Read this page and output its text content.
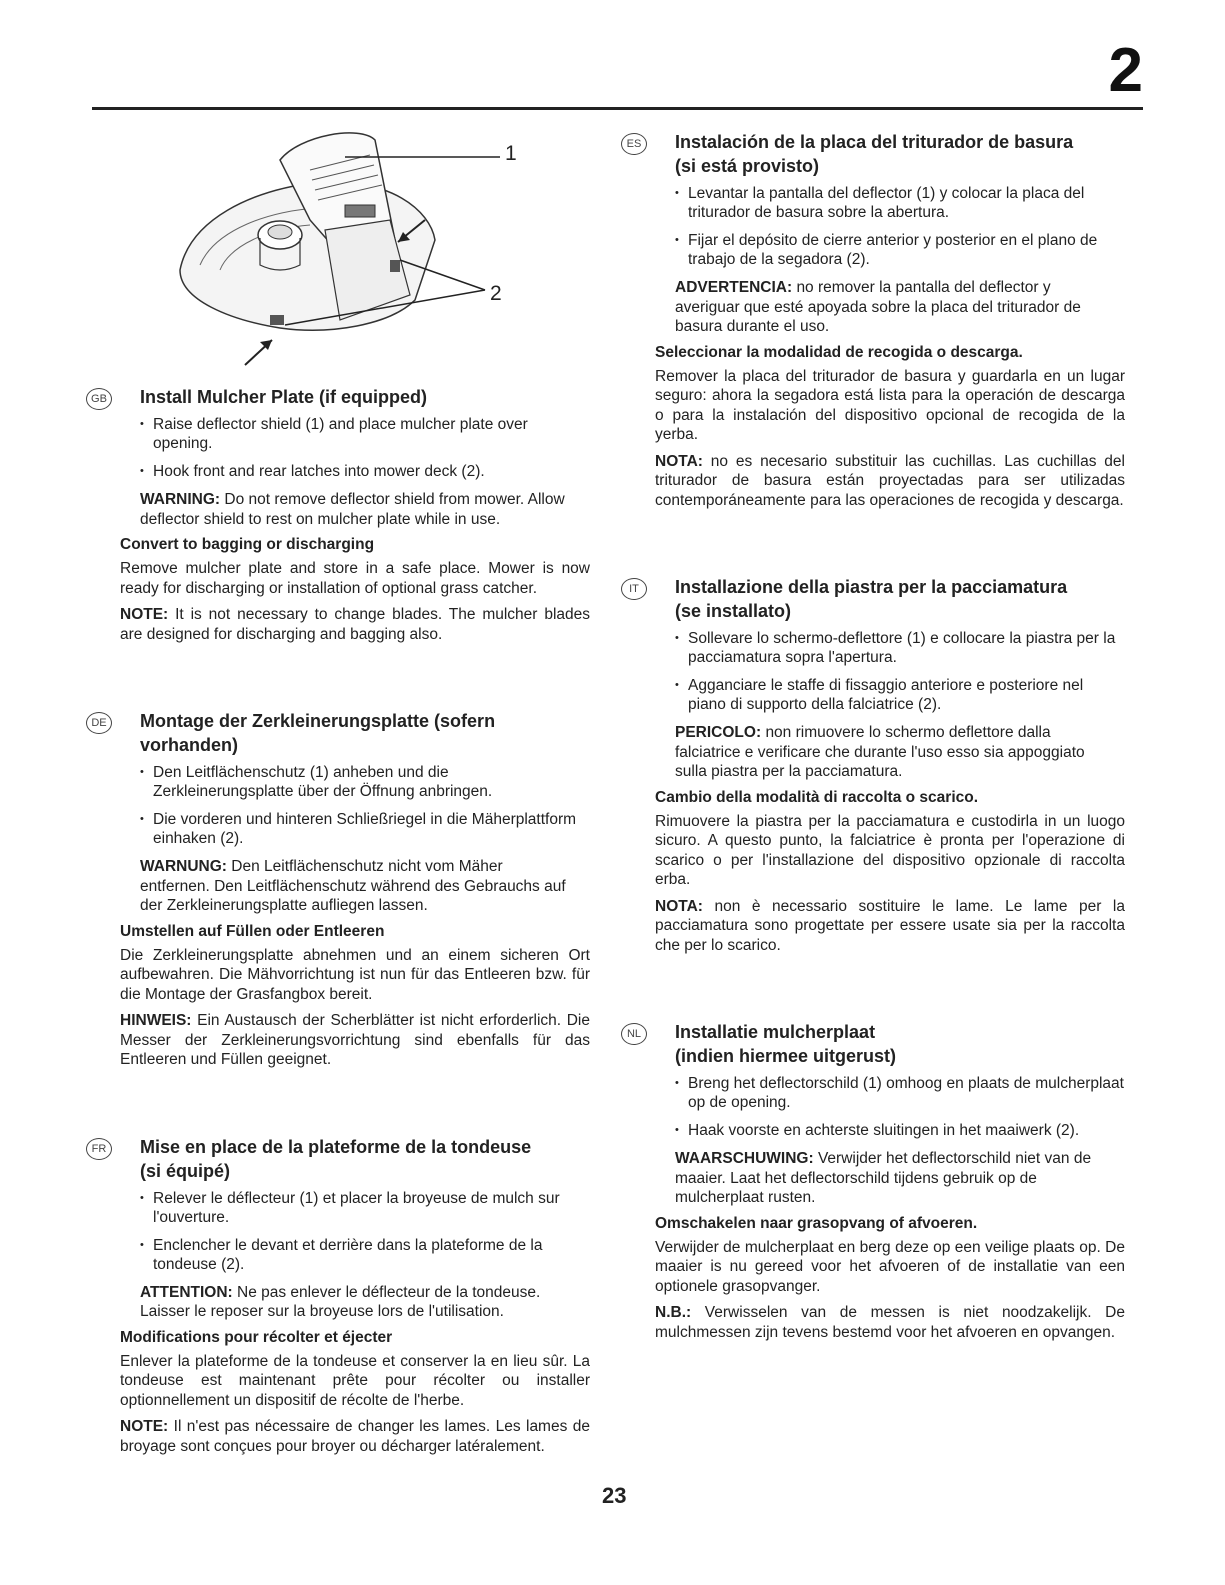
2
1
2
GB Install Mulcher Plate (if equipped)
• Raise deflector shield (1) and place mulcher plate over opening.
• Hook front and rear latches into mower deck (2).
WARNING: Do not remove deflector shield from mower. Allow deflector shield to rest on mulcher plate while in use.
Convert to bagging or discharging
Remove mulcher plate and store in a safe place. Mower is now ready for discharging or installation of optional grass catcher.
NOTE: It is not necessary to change blades. The mulcher blades are designed for discharging and bagging also.
DE Montage der Zerkleinerungsplatte (sofern
vorhanden)
• Den Leitflächenschutz (1) anheben und die Zerkleinerungsplatte über der Öffnung anbringen.
• Die vorderen und hinteren Schließriegel in die Mäherplattform einhaken (2).
WARNUNG: Den Leitflächenschutz nicht vom Mäher entfernen. Den Leitflächenschutz während des Gebrauchs auf der Zerkleinerungsplatte aufliegen lassen.
Umstellen auf Füllen oder Entleeren
Die Zerkleinerungsplatte abnehmen und an einem sicheren Ort aufbewahren. Die Mähvorrichtung ist nun für das Entleeren bzw. für die Montage der Grasfangbox bereit.
HINWEIS: Ein Austausch der Scherblätter ist nicht erforderlich. Die Messer der Zerkleinerungsvorrichtung sind ebenfalls für das Entleeren und Füllen geeignet.
FR	Mise en place de la plateforme de la tondeuse
(si équipé)
• Relever le déflecteur (1) et placer la broyeuse de mulch sur l'ouverture.
• Enclencher le devant et derrière dans la plateforme de la tondeuse (2).
ATTENTION: Ne pas enlever le déflecteur de la tondeuse. Laisser le reposer sur la broyeuse lors de l'utilisation.
Modifications pour récolter et éjecter
Enlever la plateforme de la tondeuse et conserver la en lieu sûr. La tondeuse est maintenant prête pour récolter ou installer optionnellement un dispositif de récolte de l'herbe.
NOTE: Il n'est pas nécessaire de changer les lames. Les lames de broyage sont conçues pour broyer ou décharger latéralement.
ES	Instalación de la placa del triturador de basura
(si está provisto)
• Levantar la pantalla del deflector (1) y colocar la placa del triturador de basura sobre la abertura.
• Fijar el depósito de cierre anterior y posterior en el plano de trabajo de la segadora (2).
ADVERTENCIA: no remover la pantalla del deflector y averiguar que esté apoyada sobre la placa del triturador de basura durante el uso.
Seleccionar la modalidad de recogida o descarga.
Remover la placa del triturador de basura y guardarla en un lugar seguro: ahora la segadora está lista para la operación de descarga o para la instalación del dispositivo opcional de recogida de la yerba.
NOTA: no es necesario substituir las cuchillas. Las cuchillas del triturador de basura están proyectadas para ser utilizadas contemporáneamente para las operaciones de recogida y descarga.
IT	Installazione della piastra per la pacciamatura
(se installato)
• Sollevare lo schermo-deflettore (1) e collocare la piastra per la pacciamatura sopra l'apertura.
• Agganciare le staffe di fissaggio anteriore e posteriore nel piano di supporto della falciatrice (2).
PERICOLO: non rimuovere lo schermo deflettore dalla falciatrice e verificare che durante l'uso esso sia appoggiato sulla piastra per la pacciamatura.
Cambio della modalità di raccolta o scarico.
Rimuovere la piastra per la pacciamatura e custodirla in un luogo sicuro. A questo punto, la falciatrice è pronta per l'operazione di scarico o per l'installazione del dispositivo opzionale di raccolta erba.
NOTA: non è necessario sostituire le lame. Le lame per la pacciamatura sono progettate per essere usate sia per la raccolta che per lo scarico.
NL	Installatie mulcherplaat
(indien hiermee uitgerust)
• Breng het deflectorschild (1) omhoog en plaats de mulcherplaat op de opening.
• Haak voorste en achterste sluitingen in het maaiwerk (2).
WAARSCHUWING: Verwijder het deflectorschild niet van de maaier. Laat het deflectorschild tijdens gebruik op de mulcherplaat rusten.
Omschakelen naar grasopvang of afvoeren.
Verwijder de mulcherplaat en berg deze op een veilige plaats op. De maaier is nu gereed voor het afvoeren of de installatie van een optionele grasopvanger.
N.B.: Verwisselen van de messen is niet noodzakelijk. De mulchmessen zijn tevens bestemd voor het afvoeren en opvangen.
23
